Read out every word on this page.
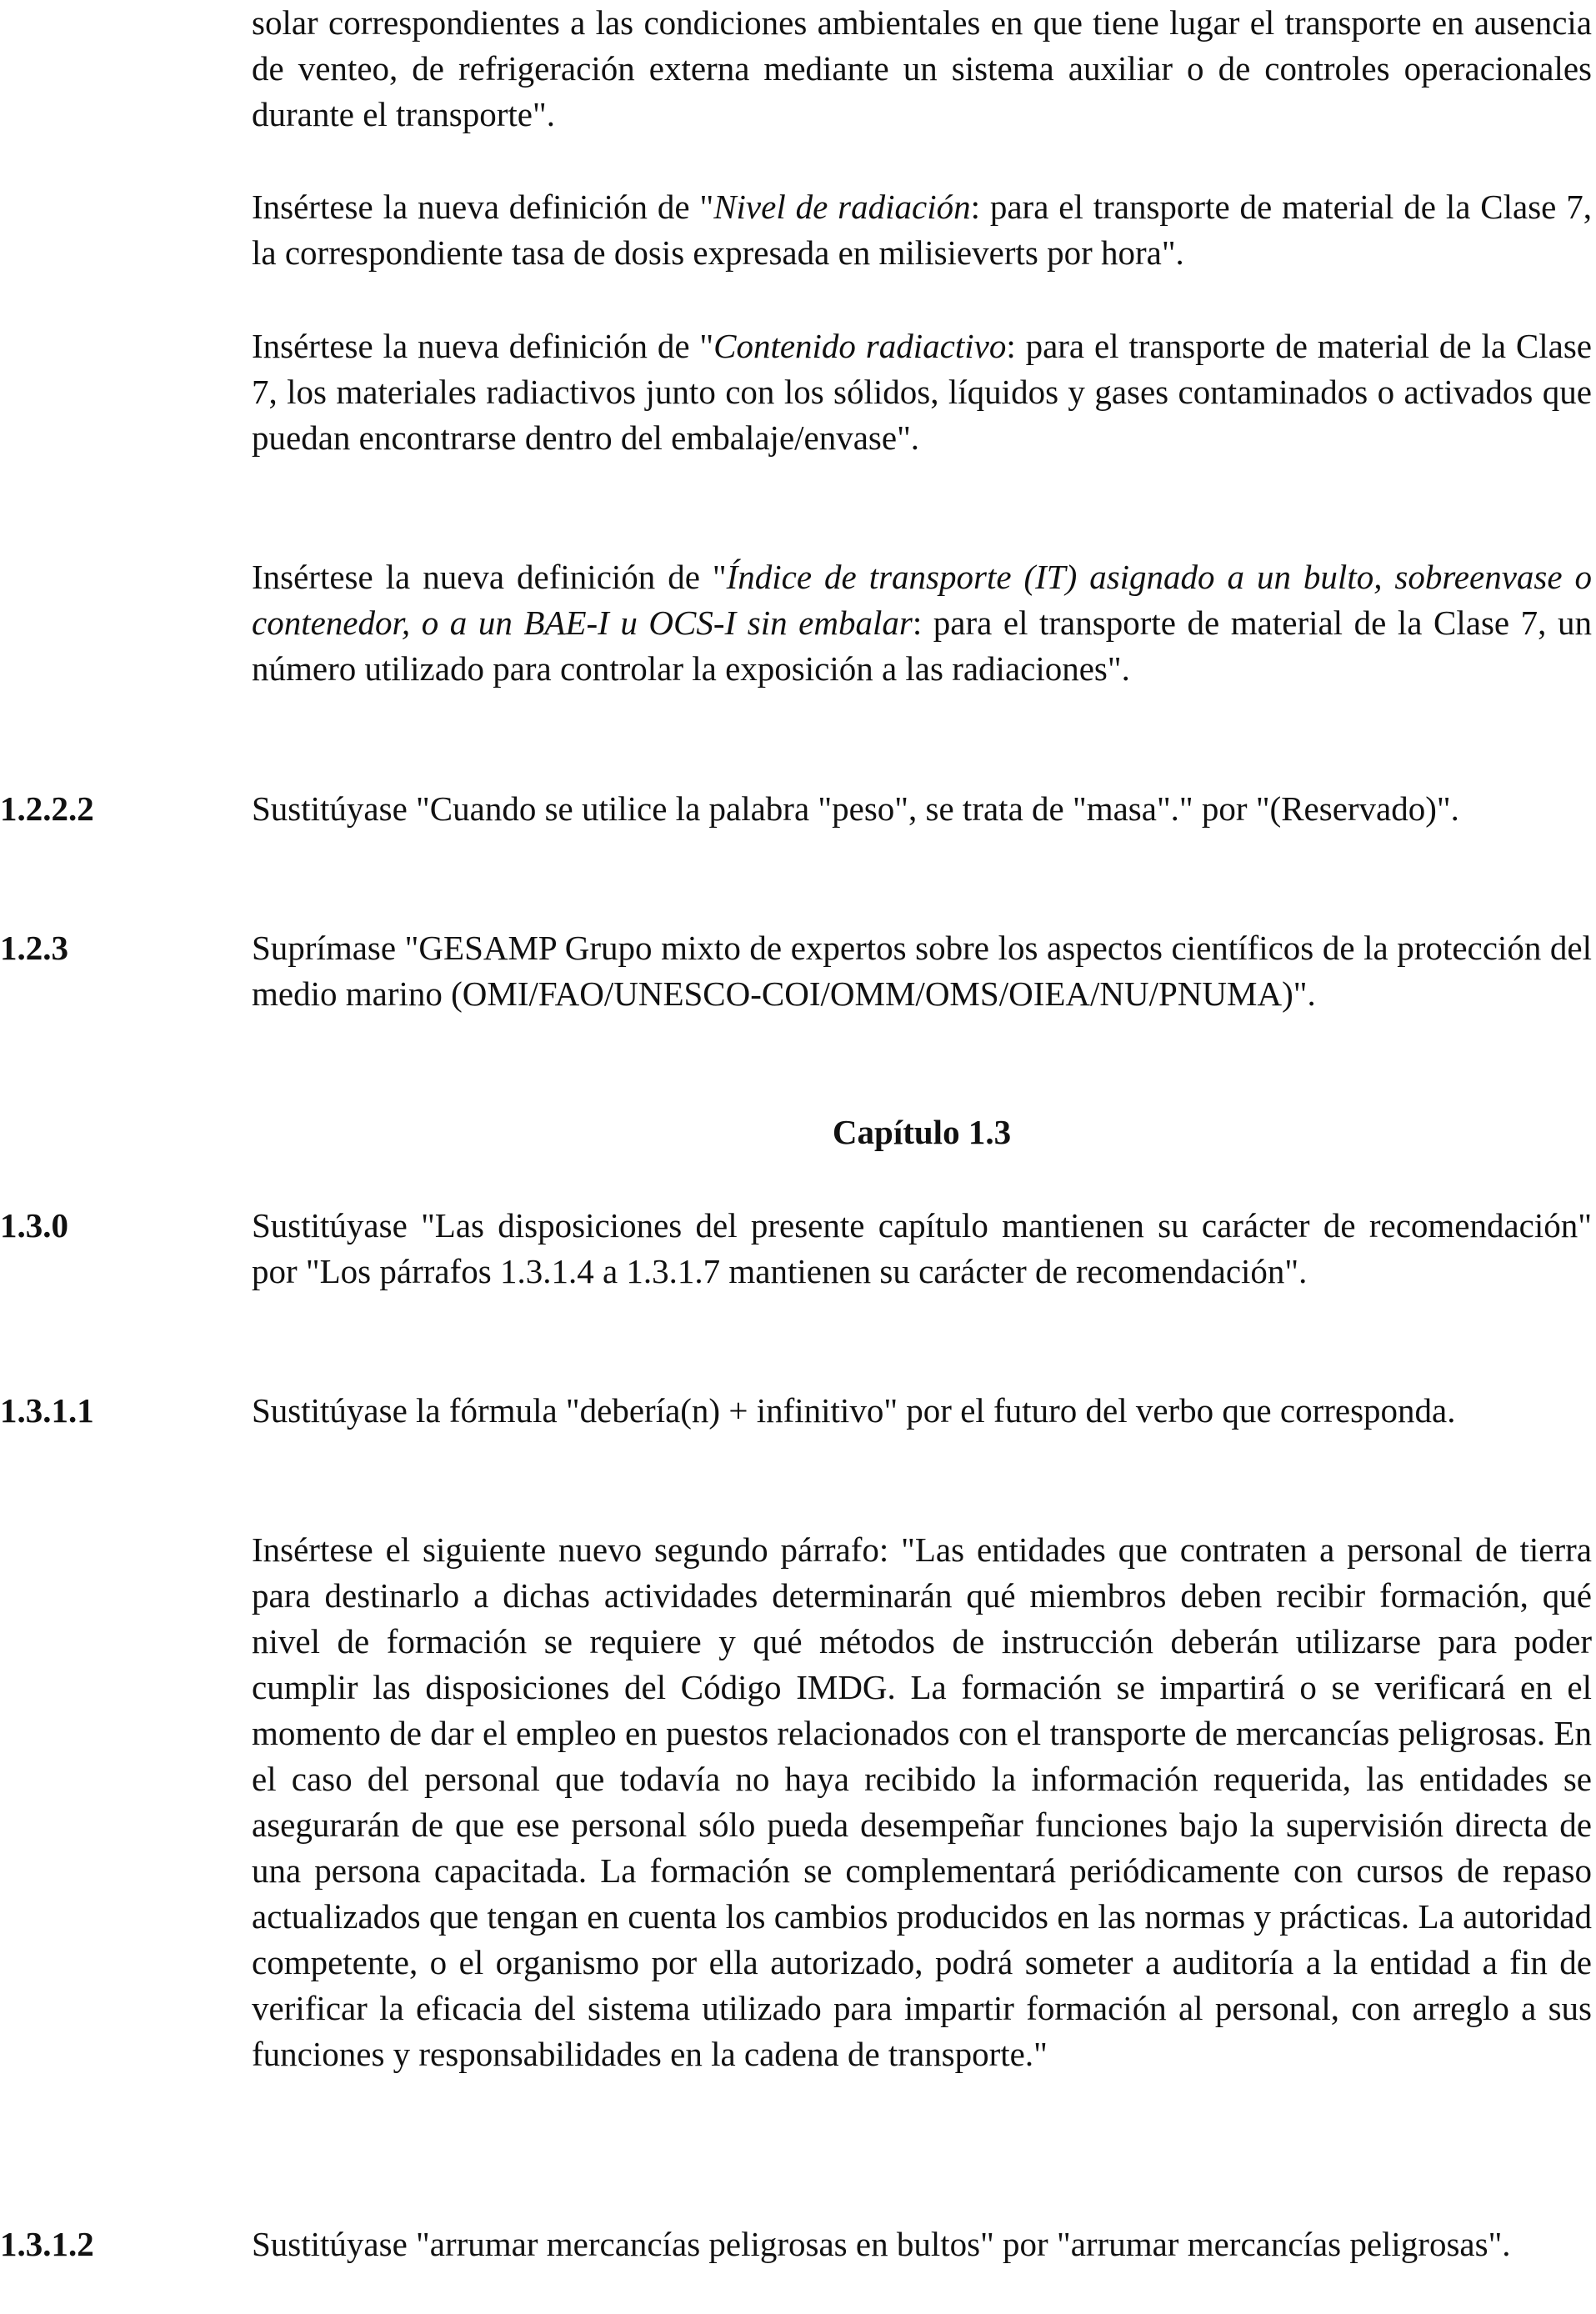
solar correspondientes a las condiciones ambientales en que tiene lugar el transporte en ausencia de venteo, de refrigeración externa mediante un sistema auxiliar o de controles operacionales durante el transporte".

Insértese la nueva definición de "Nivel de radiación: para el transporte de material de la Clase 7, la correspondiente tasa de dosis expresada en milisieverts por hora".

Insértese la nueva definición de "Contenido radiactivo: para el transporte de material de la Clase 7, los materiales radiactivos junto con los sólidos, líquidos y gases contaminados o activados que puedan encontrarse dentro del embalaje/envase".

Insértese la nueva definición de "Índice de transporte (IT) asignado a un bulto, sobreenvase o contenedor, o a un BAE-I u OCS-I sin embalar: para el transporte de material de la Clase 7, un número utilizado para controlar la exposición a las radiaciones".

1.2.2.2	Sustitúyase "Cuando se utilice la palabra "peso", se trata de "masa"." por "(Reservado)".

1.2.3	Suprímase "GESAMP Grupo mixto de expertos sobre los aspectos científicos de la protección del medio marino (OMI/FAO/UNESCO-COI/OMM/OMS/OIEA/NU/PNUMA)".

Capítulo 1.3

1.3.0	Sustitúyase "Las disposiciones del presente capítulo mantienen su carácter de recomendación" por "Los párrafos 1.3.1.4 a 1.3.1.7 mantienen su carácter de recomendación".

1.3.1.1	Sustitúyase la fórmula "debería(n) + infinitivo" por el futuro del verbo que corresponda.

Insértese el siguiente nuevo segundo párrafo: "Las entidades que contraten a personal de tierra para destinarlo a dichas actividades determinarán qué miembros deben recibir formación, qué nivel de formación se requiere y qué métodos de instrucción deberán utilizarse para poder cumplir las disposiciones del Código IMDG. La formación se impartirá o se verificará en el momento de dar el empleo en puestos relacionados con el transporte de mercancías peligrosas. En el caso del personal que todavía no haya recibido la información requerida, las entidades se asegurarán de que ese personal sólo pueda desempeñar funciones bajo la supervisión directa de una persona capacitada. La formación se complementará periódicamente con cursos de repaso actualizados que tengan en cuenta los cambios producidos en las normas y prácticas. La autoridad competente, o el organismo por ella autorizado, podrá someter a auditoría a la entidad a fin de verificar la eficacia del sistema utilizado para impartir formación al personal, con arreglo a sus funciones y responsabilidades en la cadena de transporte."

1.3.1.2	Sustitúyase "arrumar mercancías peligrosas en bultos" por "arrumar mercancías peligrosas".
